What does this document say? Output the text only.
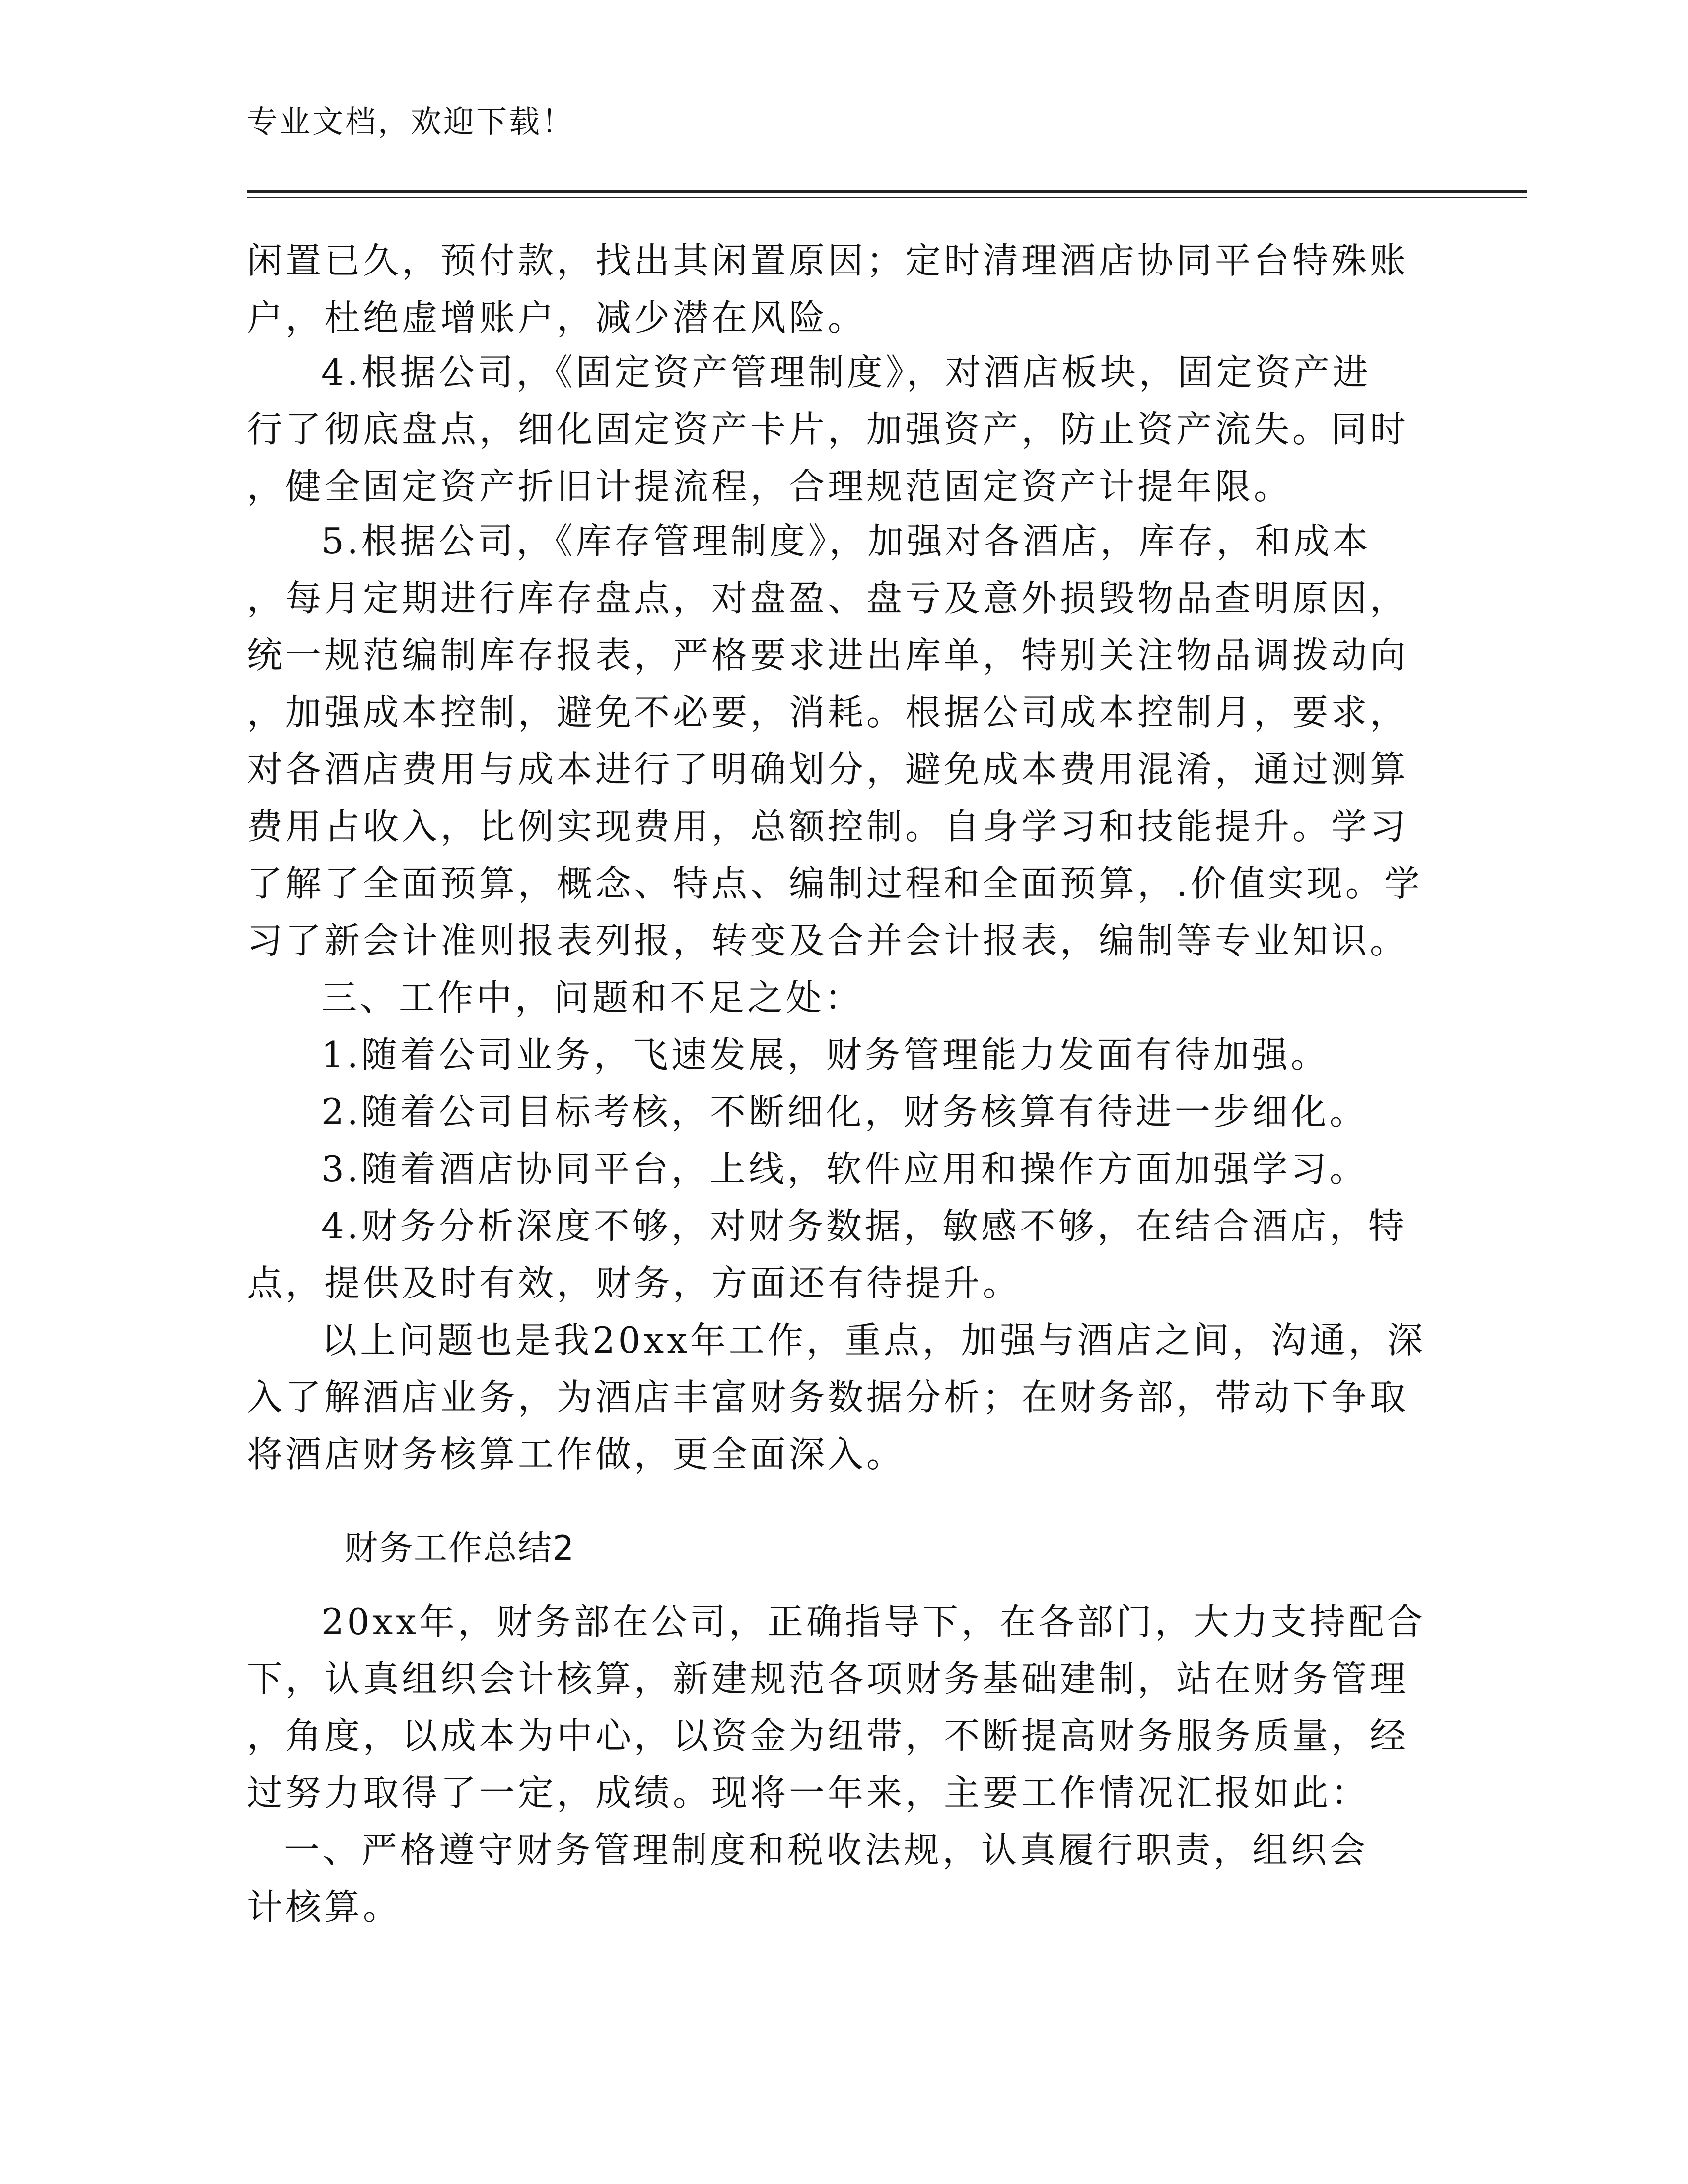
专业文档，欢迎下载！
闲置已久，预付款，找出其闲置原因；定时清理酒店协同平台特殊账
户，杜绝虚增账户，减少潜在风险。
4.根据公司，《固定资产管理制度》，对酒店板块，固定资产进
行了彻底盘点，细化固定资产卡片，加强资产，防止资产流失。同时
，健全固定资产折旧计提流程，合理规范固定资产计提年限。
5.根据公司，《库存管理制度》，加强对各酒店，库存，和成本
，每月定期进行库存盘点，对盘盈、盘亏及意外损毁物品查明原因，
统一规范编制库存报表，严格要求进出库单，特别关注物品调拨动向
，加强成本控制，避免不必要，消耗。根据公司成本控制月，要求，
对各酒店费用与成本进行了明确划分，避免成本费用混淆，通过测算
费用占收入，比例实现费用，总额控制。自身学习和技能提升。学习
了解了全面预算，概念、特点、编制过程和全面预算，.价值实现。学
习了新会计准则报表列报，转变及合并会计报表，编制等专业知识。
三、工作中，问题和不足之处：
1.随着公司业务，飞速发展，财务管理能力发面有待加强。
2.随着公司目标考核，不断细化，财务核算有待进一步细化。
3.随着酒店协同平台，上线，软件应用和操作方面加强学习。
4.财务分析深度不够，对财务数据，敏感不够，在结合酒店，特
点，提供及时有效，财务，方面还有待提升。
以上问题也是我20xx年工作，重点，加强与酒店之间，沟通，深
入了解酒店业务，为酒店丰富财务数据分析；在财务部，带动下争取
将酒店财务核算工作做，更全面深入。
财务工作总结2
20xx年，财务部在公司，正确指导下，在各部门，大力支持配合
下，认真组织会计核算，新建规范各项财务基础建制，站在财务管理
，角度，以成本为中心，以资金为纽带，不断提高财务服务质量，经
过努力取得了一定，成绩。现将一年来，主要工作情况汇报如此：
一、严格遵守财务管理制度和税收法规，认真履行职责，组织会
计核算。
